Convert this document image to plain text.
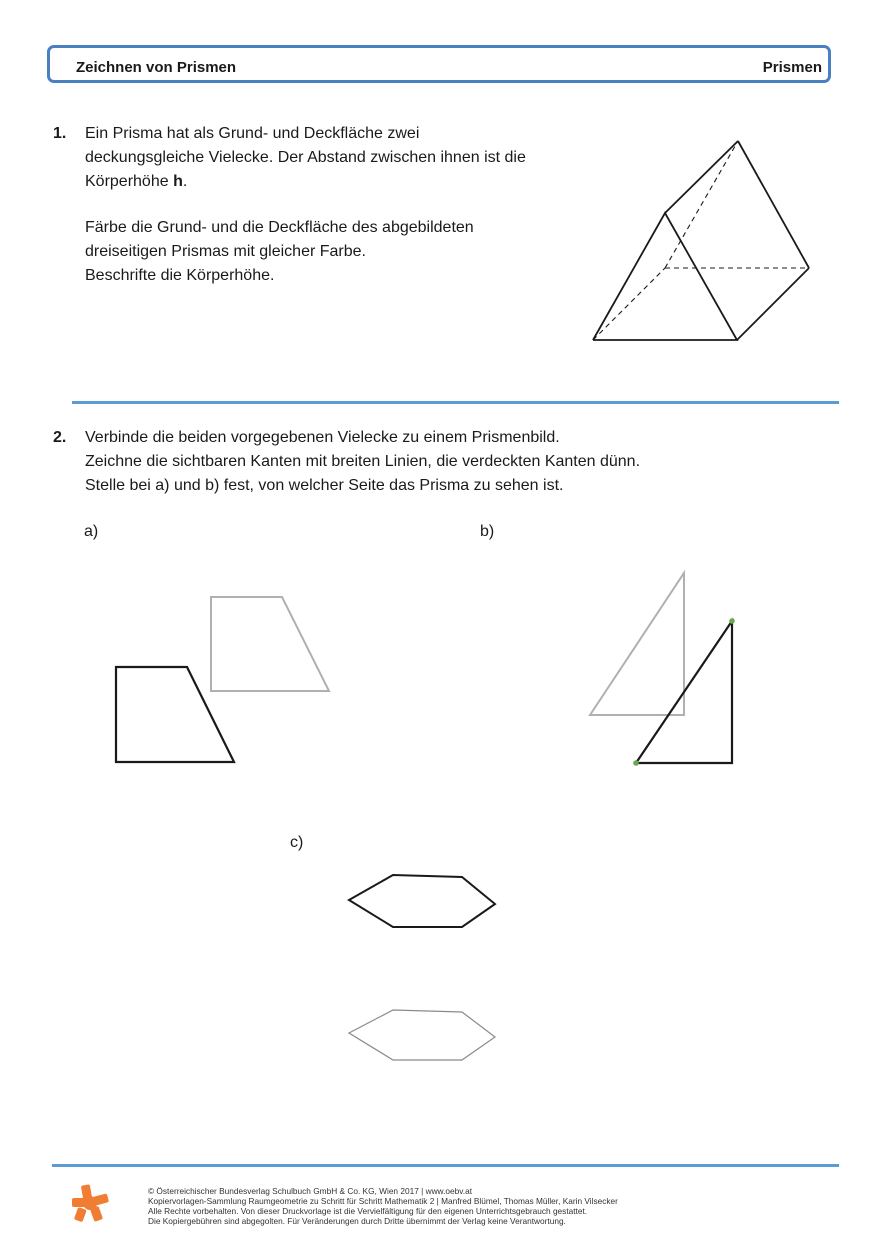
Zeichnen von Prismen	Prismen
1. Ein Prisma hat als Grund- und Deckfläche zwei deckungsgleiche Vielecke. Der Abstand zwischen ihnen ist die Körperhöhe h.

Färbe die Grund- und die Deckfläche des abgebildeten dreiseitigen Prismas mit gleicher Farbe.

Beschrifte die Körperhöhe.

2. Verbinde die beiden vorgegebenen Vielecke zu einem Prismenbild.

Zeichne die sichtbaren Kanten mit breiten Linien, die verdeckten Kanten dünn.

Stelle bei a) und b) fest, von welcher Seite das Prisma zu sehen ist.

a)	b)
c)
© Österreichischer Bundesverlag Schulbuch GmbH & Co. KG, Wien 2017 | www.oebv.at
Kopiervorlagen-Sammlung Raumgeometrie zu Schritt für Schritt Mathematik 2 | Manfred Blümel, Thomas Müller, Karin Vilsecker
Alle Rechte vorbehalten. Von dieser Druckvorlage ist die Vervielfältigung für den eigenen Unterrichtsgebrauch gestattet.
Die Kopiergebühren sind abgegolten. Für Veränderungen durch Dritte übernimmt der Verlag keine Verantwortung.
